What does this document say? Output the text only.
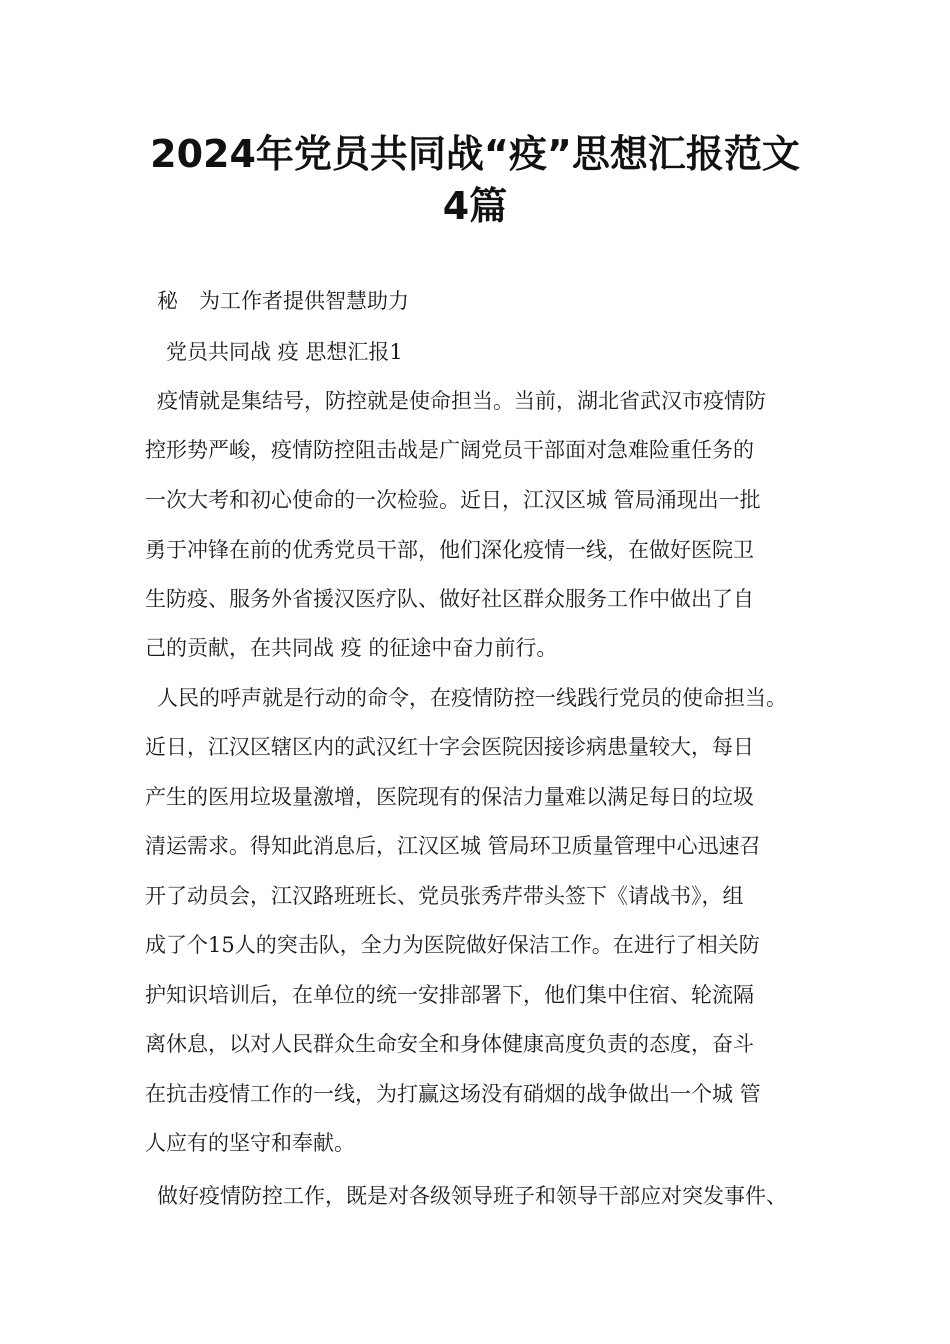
2024年党员共同战“疫”思想汇报范文
4篇

秘　为工作者提供智慧助力

党员共同战 疫 思想汇报1

疫情就是集结号，防控就是使命担当。当前，湖北省武汉市疫情防

控形势严峻，疫情防控阻击战是广阔党员干部面对急难险重任务的

一次大考和初心使命的一次检验。近日，江汉区城 管局涌现出一批

勇于冲锋在前的优秀党员干部，他们深化疫情一线，在做好医院卫

生防疫、服务外省援汉医疗队、做好社区群众服务工作中做出了自

己的贡献，在共同战 疫 的征途中奋力前行。

人民的呼声就是行动的命令，在疫情防控一线践行党员的使命担当。

近日，江汉区辖区内的武汉红十字会医院因接诊病患量较大，每日

产生的医用垃圾量激增，医院现有的保洁力量难以满足每日的垃圾

清运需求。得知此消息后，江汉区城 管局环卫质量管理中心迅速召

开了动员会，江汉路班班长、党员张秀芹带头签下《请战书》，组

成了个15人的突击队，全力为医院做好保洁工作。在进行了相关防

护知识培训后，在单位的统一安排部署下，他们集中住宿、轮流隔

离休息，以对人民群众生命安全和身体健康高度负责的态度，奋斗

在抗击疫情工作的一线，为打赢这场没有硝烟的战争做出一个城 管

人应有的坚守和奉献。

做好疫情防控工作，既是对各级领导班子和领导干部应对突发事件、
